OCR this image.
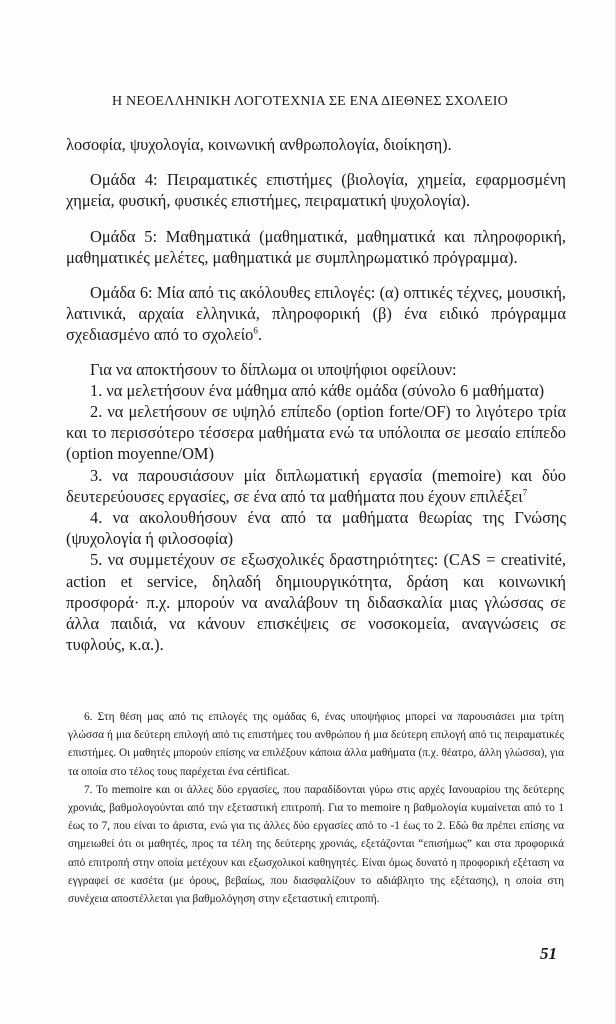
Η ΝΕΟΕΛΛΗΝΙΚΗ ΛΟΓΟΤΕΧΝΙΑ ΣΕ ΕΝΑ ΔΙΕΘΝΕΣ ΣΧΟΛΕΙΟ

λοσοφία, ψυχολογία, κοινωνική ανθρωπολογία, διοίκηση).

Ομάδα 4: Πειραματικές επιστήμες (βιολογία, χημεία, εφαρμοσμένη χημεία, φυσική, φυσικές επιστήμες, πειραματική ψυχολογία).

Ομάδα 5: Μαθηματικά (μαθηματικά, μαθηματικά και πληροφορική, μαθηματικές μελέτες, μαθηματικά με συμπληρωματικό πρόγραμμα).

Ομάδα 6: Μία από τις ακόλουθες επιλογές: (α) οπτικές τέχνες, μουσική, λατινικά, αρχαία ελληνικά, πληροφορική (β) ένα ειδικό πρόγραμμα σχεδιασμένο από το σχολείο$^6$.

Για να αποκτήσουν το δίπλωμα οι υποψήφιοι οφείλουν:

1. να μελετήσουν ένα μάθημα από κάθε ομάδα (σύνολο 6 μαθήματα)

2. να μελετήσουν σε υψηλό επίπεδο (option forte/OF) το λιγότερο τρία και το περισσότερο τέσσερα μαθήματα ενώ τα υπόλοιπα σε μεσαίο επίπεδο (option moyenne/OM)

3. να παρουσιάσουν μία διπλωματική εργασία (memoire) και δύο δευτερεύουσες εργασίες, σε ένα από τα μαθήματα που έχουν επιλέξει$^7$

4. να ακολουθήσουν ένα από τα μαθήματα θεωρίας της Γνώσης (ψυχολογία ή φιλοσοφία)

5. να συμμετέχουν σε εξωσχολικές δραστηριότητες: (CAS = creativité, action et service, δηλαδή δημιουργικότητα, δράση και κοινωνική προσφορά· π.χ. μπορούν να αναλάβουν τη διδασκαλία μιας γλώσσας σε άλλα παιδιά, να κάνουν επισκέψεις σε νοσοκομεία, αναγνώσεις σε τυφλούς, κ.α.).

6. Στη θέση μας από τις επιλογές της ομάδας 6, ένας υποψήφιος μπορεί να παρουσιάσει μια τρίτη γλώσσα ή μια δεύτερη επιλογή από τις επιστήμες του ανθρώπου ή μια δεύτερη επιλογή από τις πειραματικές επιστήμες. Οι μαθητές μπορούν επίσης να επιλέξουν κάποια άλλα μαθήματα (π.χ. θέατρο, άλλη γλώσσα), για τα οποία στο τέλος τους παρέχεται ένα cértificat.

7. Το memoire και οι άλλες δύο εργασίες, που παραδίδονται γύρω στις αρχές Ιανουαρίου της δεύτερης χρονιάς, βαθμολογούνται από την εξεταστική επιτροπή. Για το memoire η βαθμολογία κυμαίνεται από το 1 έως το 7, που είναι το άριστα, ενώ για τις άλλες δύο εργασίες από το -1 έως το 2. Εδώ θα πρέπει επίσης να σημειωθεί ότι οι μαθητές, προς τα τέλη της δεύτερης χρονιάς, εξετάζονται “επισήμως” και στα προφορικά από επιτροπή στην οποία μετέχουν και εξωσχολικοί καθηγητές. Είναι όμως δυνατό η προφορική εξέταση να εγγραφεί σε κασέτα (με όρους, βεβαίως, που διασφαλίζουν το αδιάβλητο της εξέτασης), η οποία στη συνέχεια αποστέλλεται για βαθμολόγηση στην εξεταστική επιτροπή.

51
